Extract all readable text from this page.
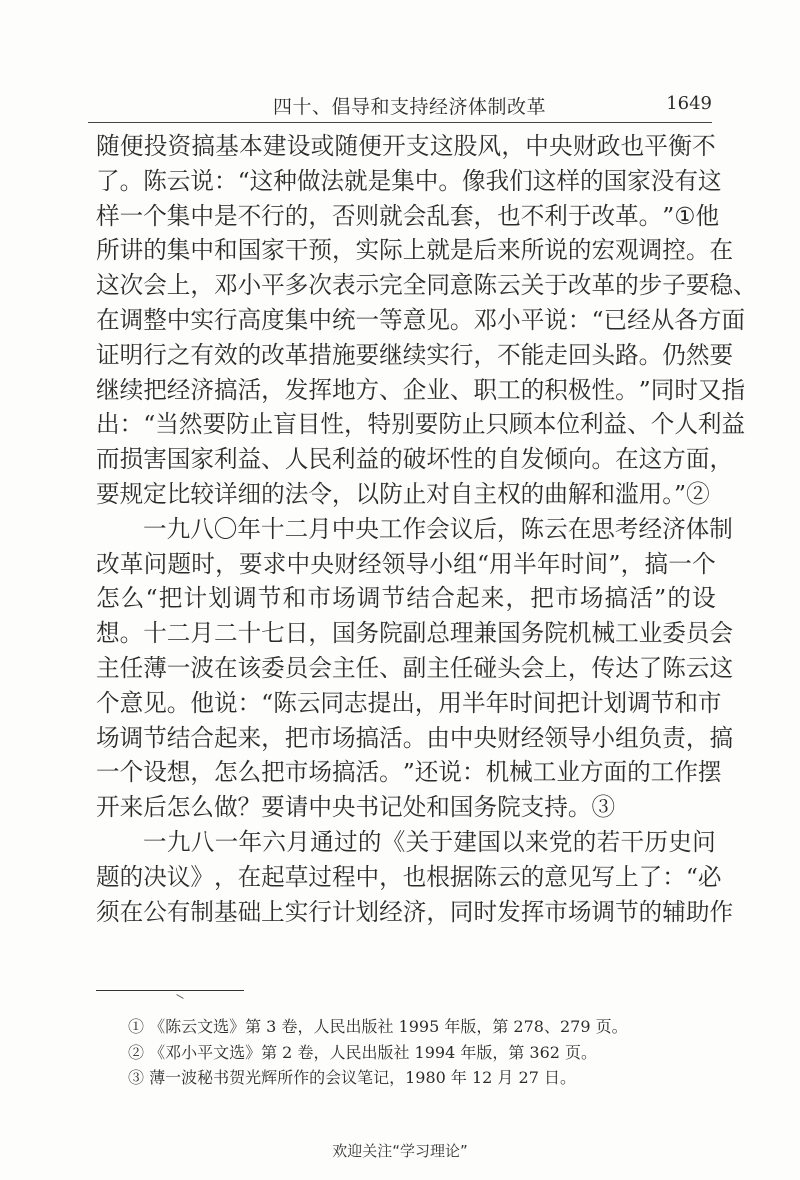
四十、倡导和支持经济体制改革	1649
随 便 投 资 搞 基 本 建 设 或 随 便 开 支 这 股 风 ， 中 央 财 政 也 平 衡 不
了 。 陈 云 说 ： “ 这 种 做 法 就 是 集 中 。 像 我 们 这 样 的 国 家 没 有 这
样 一 个 集 中 是 不 行 的 ， 否 则 就 会 乱 套 ， 也 不 利 于 改 革 。 ” ① 他
所 讲 的 集 中 和 国 家 干 预 ， 实 际 上 就 是 后 来 所 说 的 宏 观 调 控 。 在
这 次 会 上 ， 邓 小 平 多 次 表 示 完 全 同 意 陈 云 关 于 改 革 的 步 子 要 稳 、
在 调 整 中 实 行 高 度 集 中 统 一 等 意 见 。 邓 小 平 说 ： “ 已 经 从 各 方 面
证 明 行 之 有 效 的 改 革 措 施 要 继 续 实 行 ， 不 能 走 回 头 路 。 仍 然 要
继 续 把 经 济 搞 活 ， 发 挥 地 方 、 企 业 、 职 工 的 积 极 性 。 ” 同 时 又 指
出 ： “ 当 然 要 防 止 盲 目 性 ， 特 别 要 防 止 只 顾 本 位 利 益 、 个 人 利 益
而 损 害 国 家 利 益 、 人 民 利 益 的 破 坏 性 的 自 发 倾 向 。 在 这 方 面 ，
要规定比较详细的法令，以防止对自主权的曲解和滥用。”②
一 九 八 〇 年 十 二 月 中 央 工 作 会 议 后 ， 陈 云 在 思 考 经 济 体 制
改 革 问 题 时 ， 要 求 中 央 财 经 领 导 小 组 “ 用 半 年 时 间 ” ， 搞 一 个
怎 么 “ 把 计 划 调 节 和 市 场 调 节 结 合 起 来 ， 把 市 场 搞 活 ” 的 设
想 。 十 二 月 二 十 七 日 ， 国 务 院 副 总 理 兼 国 务 院 机 械 工 业 委 员 会
主 任 薄 一 波 在 该 委 员 会 主 任 、 副 主 任 碰 头 会 上 ， 传 达 了 陈 云 这
个 意 见 。 他 说 ： “ 陈 云 同 志 提 出 ， 用 半 年 时 间 把 计 划 调 节 和 市
场 调 节 结 合 起 来 ， 把 市 场 搞 活 。 由 中 央 财 经 领 导 小 组 负 责 ， 搞
一 个 设 想 ， 怎 么 把 市 场 搞 活 。 ” 还 说 ： 机 械 工 业 方 面 的 工 作 摆
开来后怎么做？要请中央书记处和国务院支持。③
一 九 八 一 年 六 月 通 过 的 《 关 于 建 国 以 来 党 的 若 干 历 史 问
题 的 决 议 》 ， 在 起 草 过 程 中 ， 也 根 据 陈 云 的 意 见 写 上 了 ： “ 必
须 在 公 有 制 基 础 上 实 行 计 划 经 济 ， 同 时 发 挥 市 场 调 节 的 辅 助 作
① 《陈云文选》第 3 卷，人民出版社 1995 年版，第 278、279 页。
② 《邓小平文选》第 2 卷，人民出版社 1994 年版，第 362 页。
③ 薄一波秘书贺光辉所作的会议笔记，1980 年 12 月 27 日。
欢迎关注“学习理论”
